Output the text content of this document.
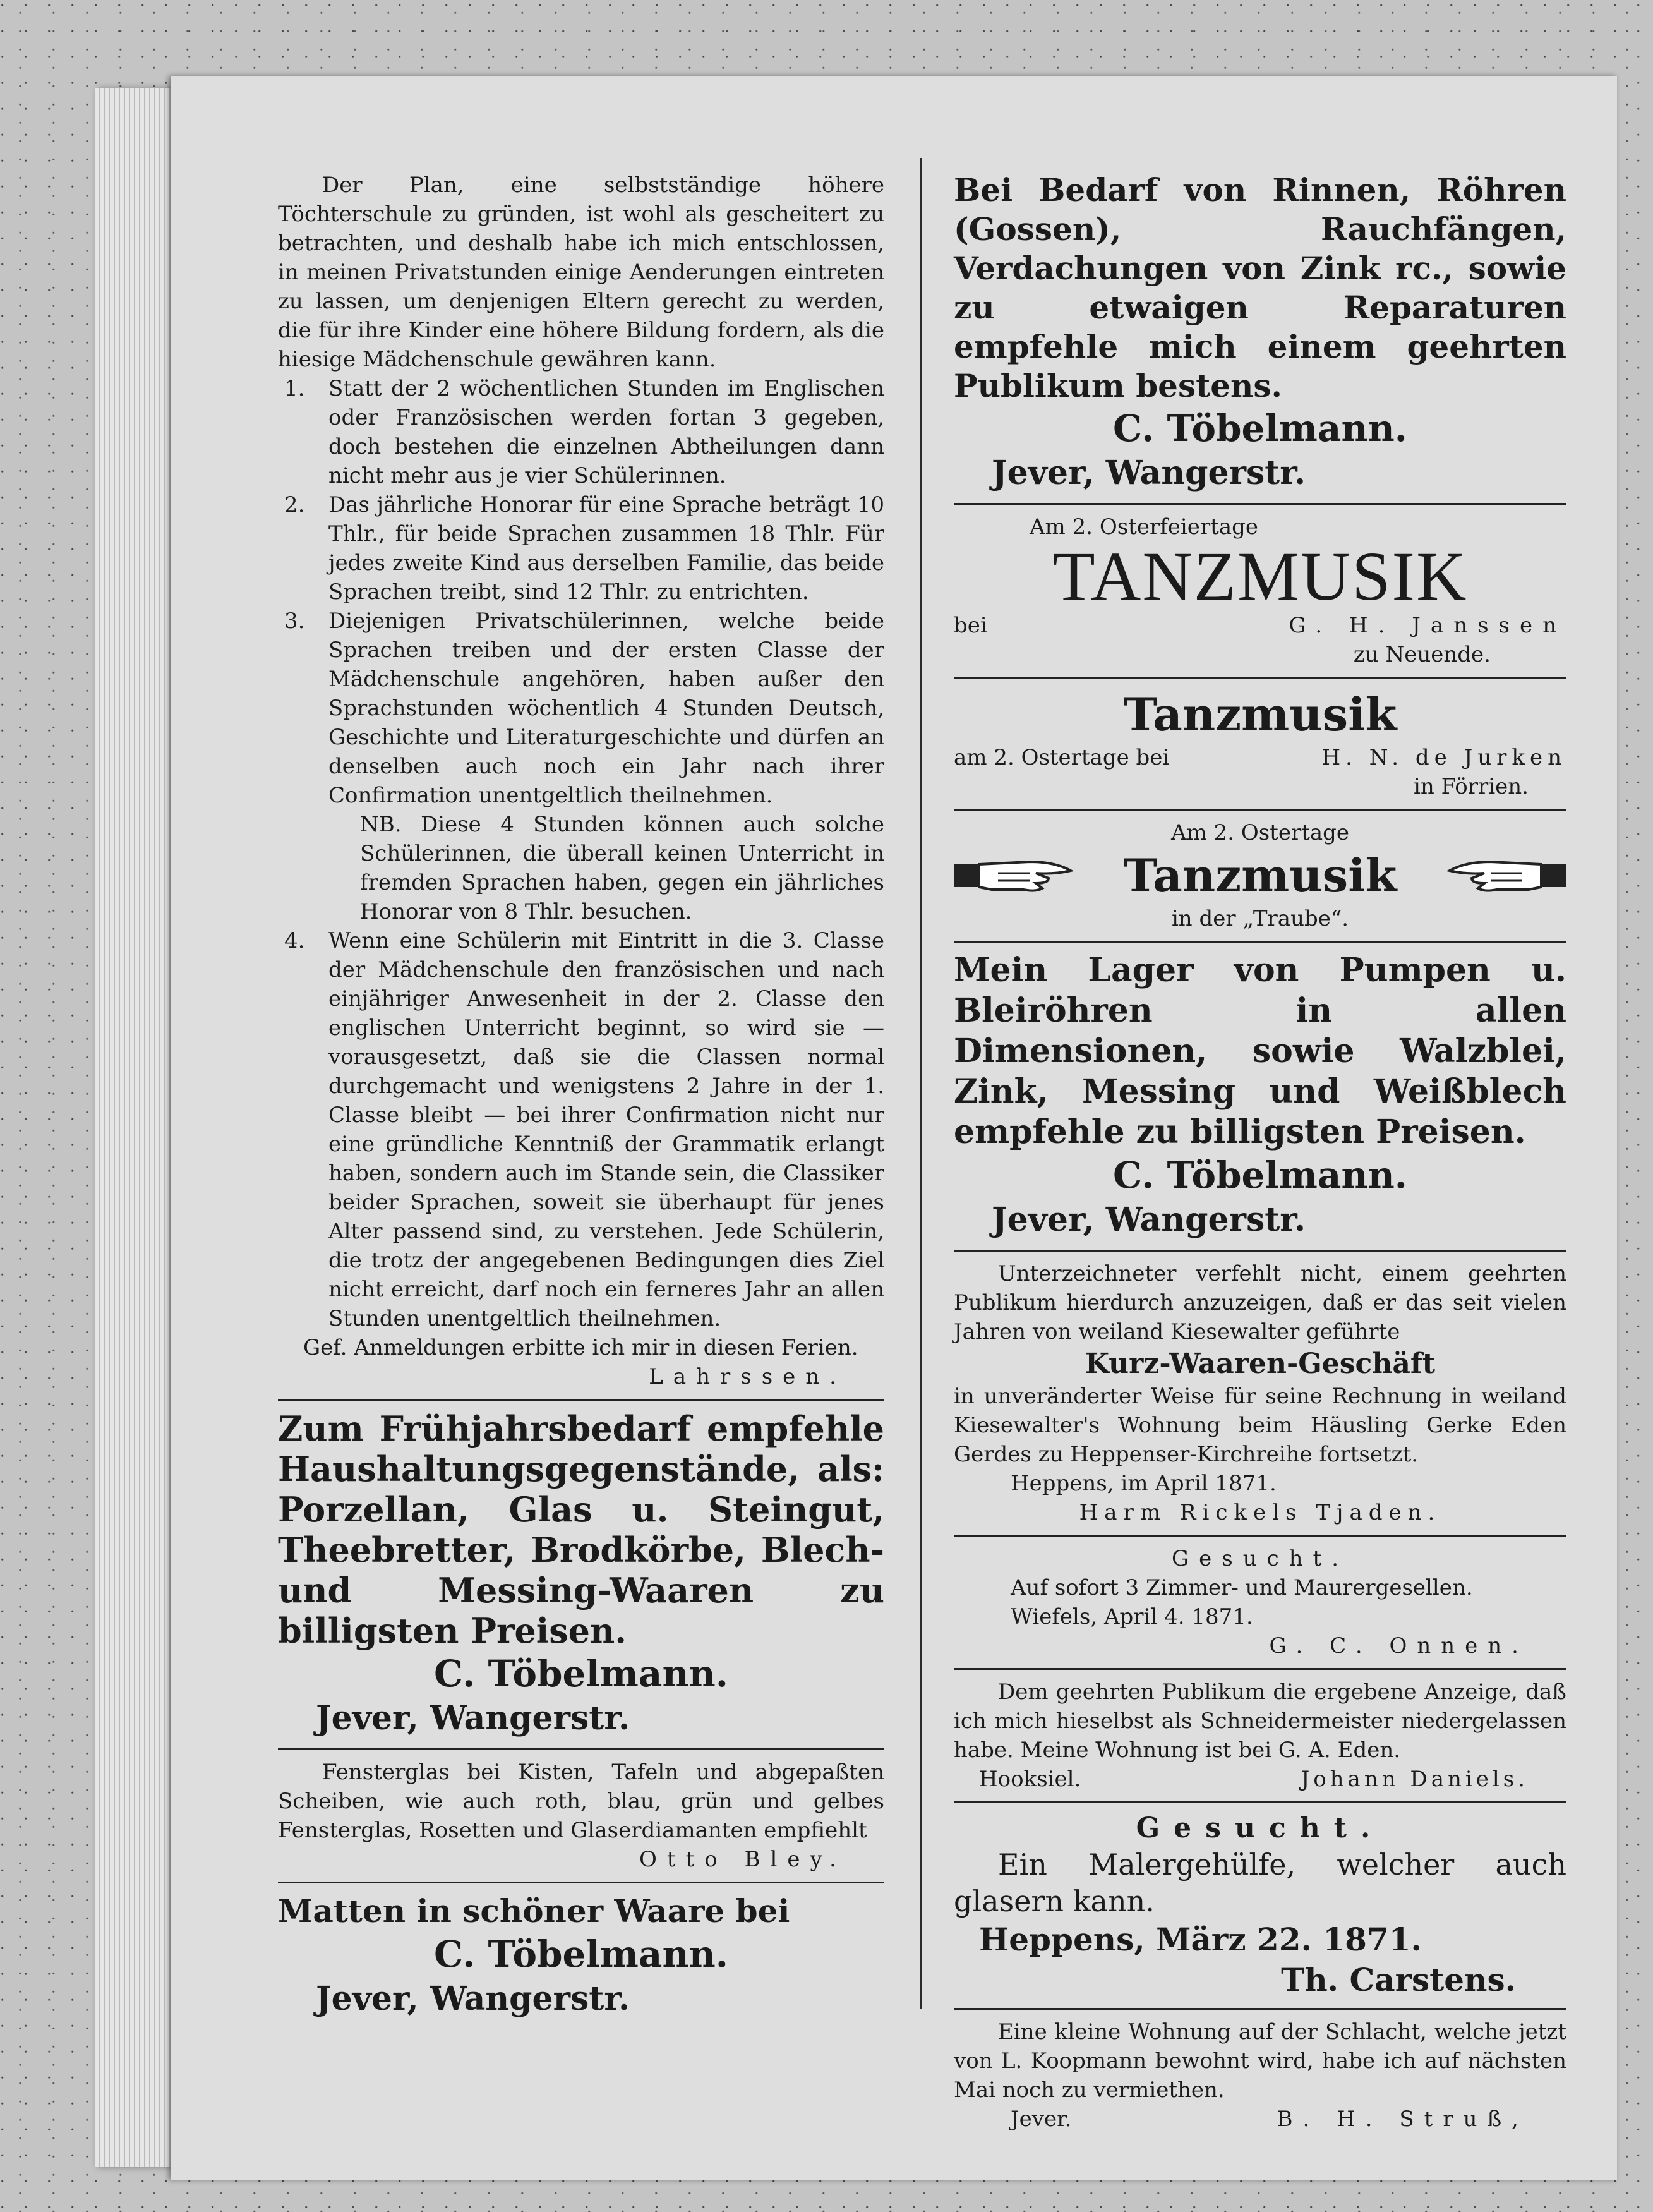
Der Plan, eine selbstständige höhere Töchterschule zu gründen, ist wohl als gescheitert zu betrachten, und deshalb habe ich mich entschlossen, in meinen Privatstunden einige Aenderungen eintreten zu lassen, um denjenigen Eltern gerecht zu werden, die für ihre Kinder eine höhere Bildung fordern, als die hiesige Mädchenschule gewähren kann.

1.	Statt der 2 wöchentlichen Stunden im Englischen oder Französischen werden fortan 3 gegeben, doch bestehen die einzelnen Abtheilungen dann nicht mehr aus je vier Schülerinnen.
2.	Das jährliche Honorar für eine Sprache beträgt 10 Thlr., für beide Sprachen zusammen 18 Thlr. Für jedes zweite Kind aus derselben Familie, das beide Sprachen treibt, sind 12 Thlr. zu entrichten.
3.	Diejenigen Privatschülerinnen, welche beide Sprachen treiben und der ersten Classe der Mädchenschule angehören, haben außer den Sprachstunden wöchentlich 4 Stunden Deutsch, Geschichte und Literaturgeschichte und dürfen an denselben auch noch ein Jahr nach ihrer Confirmation unentgeltlich theilnehmen.

NB. Diese 4 Stunden können auch solche Schülerinnen, die überall keinen Unterricht in fremden Sprachen haben, gegen ein jährliches Honorar von 8 Thlr. besuchen.

4.	Wenn eine Schülerin mit Eintritt in die 3. Classe der Mädchenschule den französischen und nach einjähriger Anwesenheit in der 2. Classe den englischen Unterricht beginnt, so wird sie — vorausgesetzt, daß sie die Classen normal durchgemacht und wenigstens 2 Jahre in der 1. Classe bleibt — bei ihrer Confirmation nicht nur eine gründliche Kenntniß der Grammatik erlangt haben, sondern auch im Stande sein, die Classiker beider Sprachen, soweit sie überhaupt für jenes Alter passend sind, zu verstehen. Jede Schülerin, die trotz der angegebenen Bedingungen dies Ziel nicht erreicht, darf noch ein ferneres Jahr an allen Stunden unentgeltlich theilnehmen.

Gef. Anmeldungen erbitte ich mir in diesen Ferien.

Lahrssen.

Zum Frühjahrsbedarf empfehle Haushaltungsgegenstände, als: Porzellan, Glas u. Steingut, Theebretter, Brodkörbe, Blech- und Messing-Waaren zu billigsten Preisen.

C. Töbelmann.

Jever, Wangerstr.

Fensterglas bei Kisten, Tafeln und abgepaßten Scheiben, wie auch roth, blau, grün und gelbes Fensterglas, Rosetten und Glaserdiamanten empfiehlt

Otto Bley.

Matten in schöner Waare bei

C. Töbelmann.

Jever, Wangerstr.

Bei Bedarf von Rinnen, Röhren (Gossen), Rauchfängen, Verdachungen von Zink rc., sowie zu etwaigen Reparaturen empfehle mich einem geehrten Publikum bestens.

C. Töbelmann.

Jever, Wangerstr.

Am 2. Osterfeiertage

TANZMUSIK

bei	G. H. Janssen

zu Neuende.

Tanzmusik

am 2. Ostertage bei	H. N. de Jurken

in Förrien.

Am 2. Ostertage

Tanzmusik

in der „Traube“.

Mein Lager von Pumpen u. Bleiröhren in allen Dimensionen, sowie Walzblei, Zink, Messing und Weißblech empfehle zu billigsten Preisen.

C. Töbelmann.

Jever, Wangerstr.

Unterzeichneter verfehlt nicht, einem geehrten Publikum hierdurch anzuzeigen, daß er das seit vielen Jahren von weiland Kiesewalter geführte

Kurz-Waaren-Geschäft

in unveränderter Weise für seine Rechnung in weiland Kiesewalter's Wohnung beim Häusling Gerke Eden Gerdes zu Heppenser-Kirchreihe fortsetzt.

Heppens, im April 1871.

Harm Rickels Tjaden.

Gesucht.

Auf sofort 3 Zimmer- und Maurergesellen.

Wiefels, April 4. 1871.

G. C. Onnen.

Dem geehrten Publikum die ergebene Anzeige, daß ich mich hieselbst als Schneidermeister niedergelassen habe. Meine Wohnung ist bei G. A. Eden.

Hooksiel.	Johann Daniels.

Gesucht.

Ein Malergehülfe, welcher auch glasern kann.

Heppens, März 22. 1871.

Th. Carstens.

Eine kleine Wohnung auf der Schlacht, welche jetzt von L. Koopmann bewohnt wird, habe ich auf nächsten Mai noch zu vermiethen.

Jever.	B. H. Struß,
